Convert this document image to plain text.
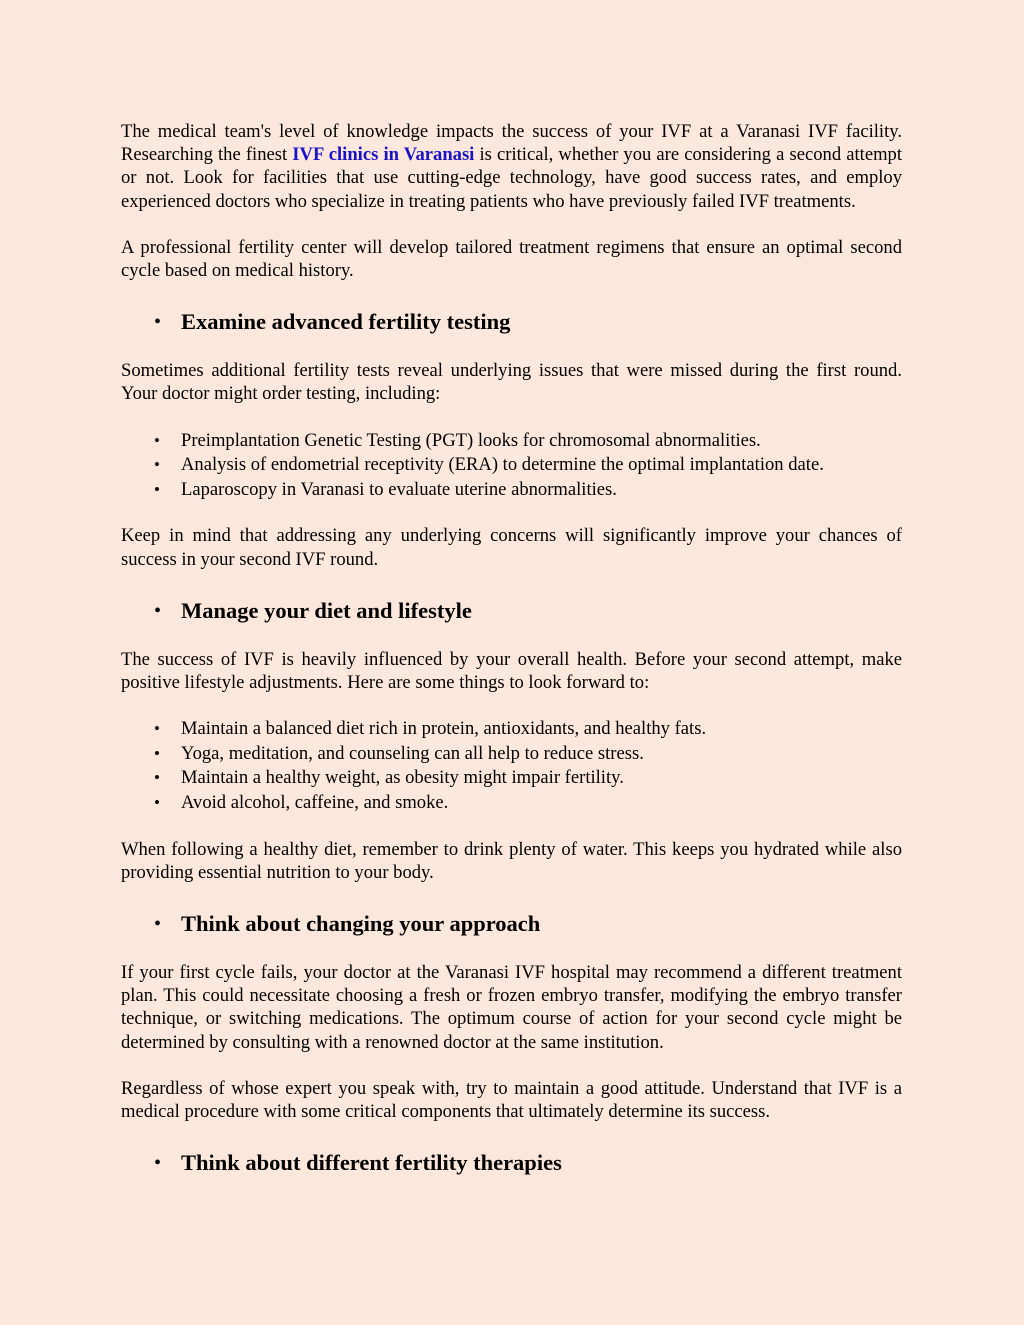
The medical team's level of knowledge impacts the success of your IVF at a Varanasi IVF facility. Researching the finest IVF clinics in Varanasi is critical, whether you are considering a second attempt or not. Look for facilities that use cutting-edge technology, have good success rates, and employ experienced doctors who specialize in treating patients who have previously failed IVF treatments.

A professional fertility center will develop tailored treatment regimens that ensure an optimal second cycle based on medical history.

• Examine advanced fertility testing

Sometimes additional fertility tests reveal underlying issues that were missed during the first round. Your doctor might order testing, including:

• Preimplantation Genetic Testing (PGT) looks for chromosomal abnormalities.
• Analysis of endometrial receptivity (ERA) to determine the optimal implantation date.
• Laparoscopy in Varanasi to evaluate uterine abnormalities.

Keep in mind that addressing any underlying concerns will significantly improve your chances of success in your second IVF round.

• Manage your diet and lifestyle

The success of IVF is heavily influenced by your overall health. Before your second attempt, make positive lifestyle adjustments. Here are some things to look forward to:

• Maintain a balanced diet rich in protein, antioxidants, and healthy fats.
• Yoga, meditation, and counseling can all help to reduce stress.
• Maintain a healthy weight, as obesity might impair fertility.
• Avoid alcohol, caffeine, and smoke.

When following a healthy diet, remember to drink plenty of water. This keeps you hydrated while also providing essential nutrition to your body.

• Think about changing your approach

If your first cycle fails, your doctor at the Varanasi IVF hospital may recommend a different treatment plan. This could necessitate choosing a fresh or frozen embryo transfer, modifying the embryo transfer technique, or switching medications. The optimum course of action for your second cycle might be determined by consulting with a renowned doctor at the same institution.

Regardless of whose expert you speak with, try to maintain a good attitude. Understand that IVF is a medical procedure with some critical components that ultimately determine its success.

• Think about different fertility therapies
